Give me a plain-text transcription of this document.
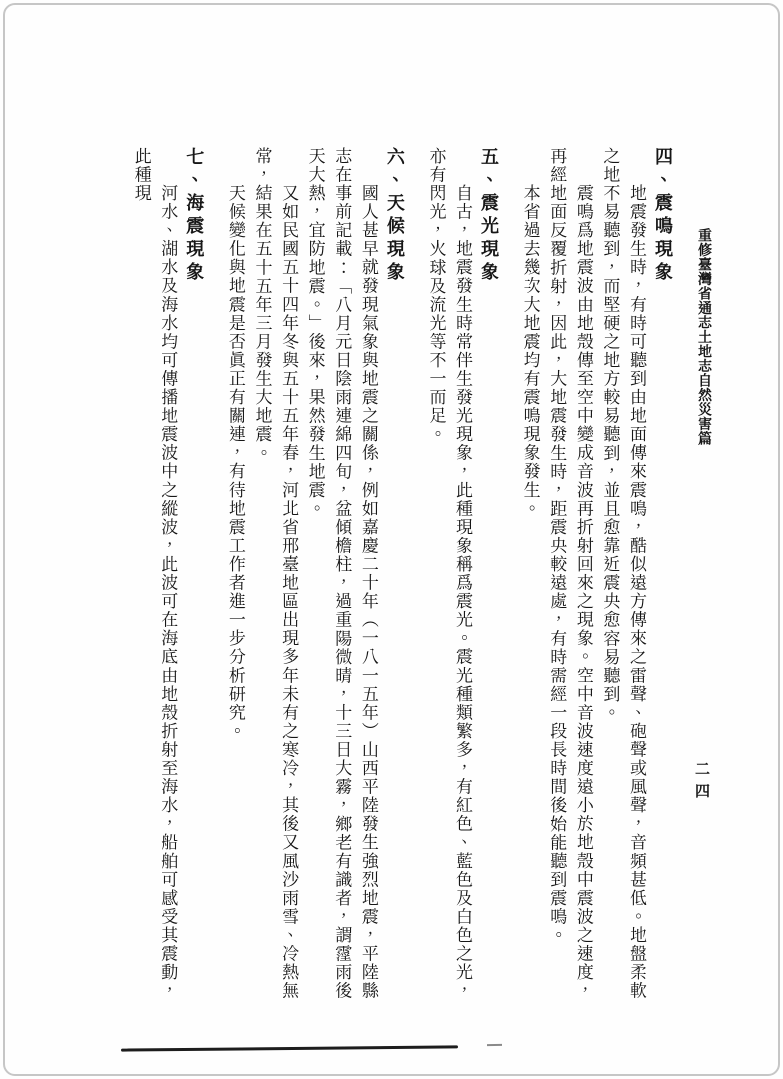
重修臺灣省通志土地志自然災害篇
二四
四、震鳴現象

地震發生時，有時可聽到由地面傳來震鳴，酷似遠方傳來之雷聲、砲聲或風聲，音頻甚低。地盤柔軟之地不易聽到，而堅硬之地方較易聽到，並且愈靠近震央愈容易聽到。

震鳴爲地震波由地殼傳至空中變成音波再折射回來之現象。空中音波速度遠小於地殼中震波之速度，再經地面反覆折射，因此，大地震發生時，距震央較遠處，有時需經一段長時間後始能聽到震鳴。

本省過去幾次大地震均有震鳴現象發生。

五、震光現象

自古，地震發生時常伴生發光現象，此種現象稱爲震光。震光種類繁多，有紅色、藍色及白色之光，亦有閃光，火球及流光等不一而足。

六、天候現象

國人甚早就發現氣象與地震之關係，例如嘉慶二十年（一八一五年）山西平陸發生強烈地震，平陸縣志在事前記載：「八月元日陰雨連綿四旬，盆傾檐柱，過重陽微晴，十三日大霧，鄉老有識者，謂霪雨後天大熱，宜防地震。」後來，果然發生地震。

又如民國五十四年冬與五十五年春，河北省邢臺地區出現多年未有之寒冷，其後又風沙雨雪、冷熱無常，結果在五十五年三月發生大地震。

天候變化與地震是否眞正有關連，有待地震工作者進一步分析研究。

七、海震現象

河水、湖水及海水均可傳播地震波中之縱波，此波可在海底由地殼折射至海水，船舶可感受其震動，此種現
